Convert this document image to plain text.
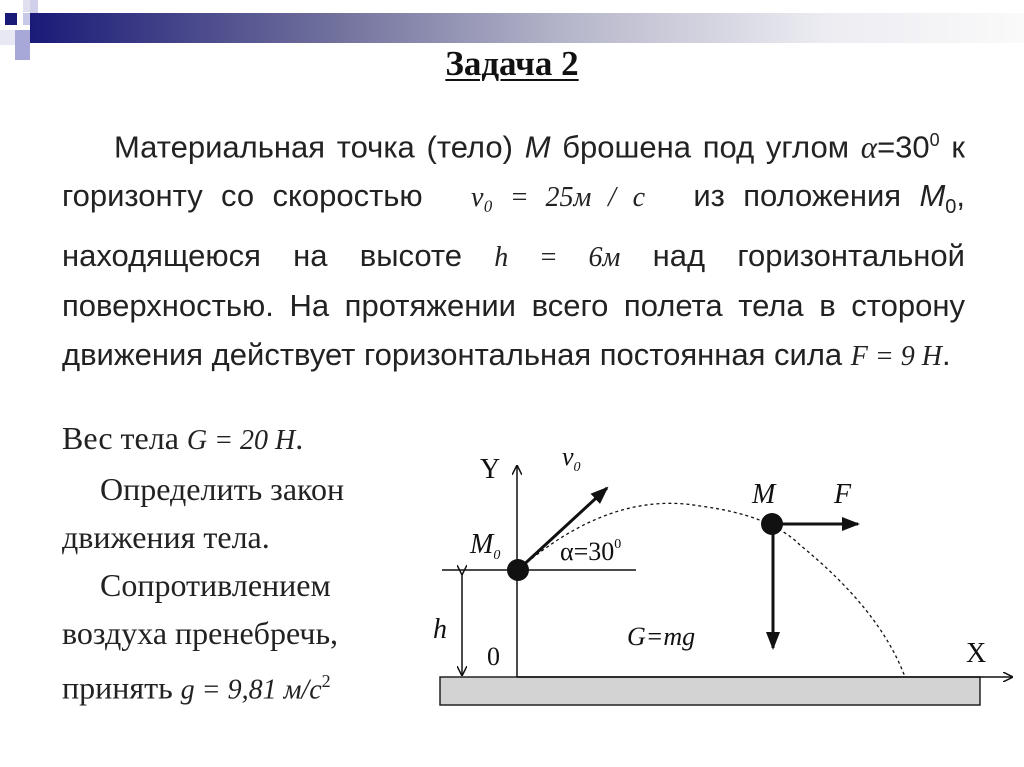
Задача 2
Материальная точка (тело) M брошена под углом $\alpha=30^0$ к горизонту со скоростью v₀ = 25м / с из положения $M_0$, находящеюся на высоте h = 6м над горизонтальной поверхностью. На протяжении всего полета тела в сторону движения действует горизонтальная постоянная сила F = 9 H.
Вес тела G = 20 H.
Определить закон
движения тела.
Сопротивлением
воздуха пренебречь,
принять g = 9,81 $м/с^2$
Y
X
$v_0$
M F
$M_0$ $\alpha=30^0$
h
0
G=mg
